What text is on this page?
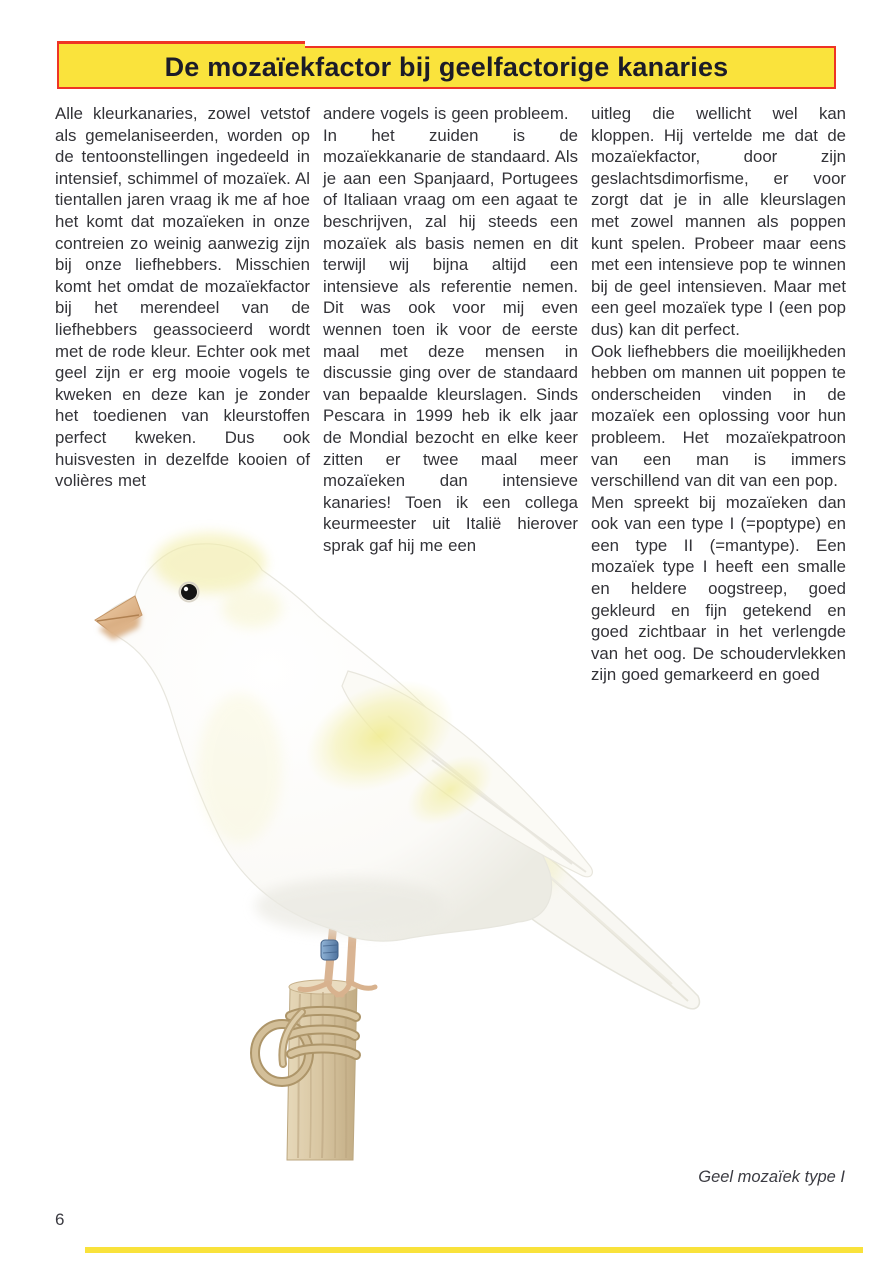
De mozaïekfactor bij geelfactorige kanaries

Alle kleurkanaries, zowel vetstof als gemelaniseerden, worden op de tentoonstellingen ingedeeld in intensief, schimmel of mozaïek. Al tientallen jaren vraag ik me af hoe het komt dat mozaïeken in onze contreien zo weinig aanwezig zijn bij onze liefhebbers. Misschien komt het omdat de mozaïekfactor bij het merendeel van de liefhebbers geassocieerd wordt met de rode kleur. Echter ook met geel zijn er erg mooie vogels te kweken en deze kan je zonder het toedienen van kleurstoffen perfect kweken. Dus ook huisvesten in dezelfde kooien of volières met

andere vogels is geen probleem.

In het zuiden is de mozaïekkanarie de standaard. Als je aan een Spanjaard, Portugees of Italiaan vraag om een agaat te beschrijven, zal hij steeds een mozaïek als basis nemen en dit terwijl wij bijna altijd een intensieve als referentie nemen. Dit was ook voor mij even wennen toen ik voor de eerste maal met deze mensen in discussie ging over de standaard van bepaalde kleurslagen. Sinds Pescara in 1999 heb ik elk jaar de Mondial bezocht en elke keer zitten er twee maal meer mozaïeken dan intensieve kanaries! Toen ik een collega keurmeester uit Italië hierover sprak gaf hij me een

uitleg die wellicht wel kan kloppen. Hij vertelde me dat de mozaïekfactor, door zijn geslachtsdimorfisme, er voor zorgt dat je in alle kleurslagen met zowel mannen als poppen kunt spelen. Probeer maar eens met een intensieve pop te winnen bij de geel intensieven. Maar met een geel mozaïek type I (een pop dus) kan dit perfect.

Ook liefhebbers die moeilijkheden hebben om mannen uit poppen te onderscheiden vinden in de mozaïek een oplossing voor hun probleem. Het mozaïekpatroon van een man is immers verschillend van dit van een pop.

Men spreekt bij mozaïeken dan ook van een type I (=poptype) en een type II (=mantype). Een mozaïek type I heeft een smalle en heldere oogstreep, goed gekleurd en fijn getekend en goed zichtbaar in het verlengde van het oog. De schoudervlekken zijn goed gemarkeerd en goed

Geel mozaïek type I
6
